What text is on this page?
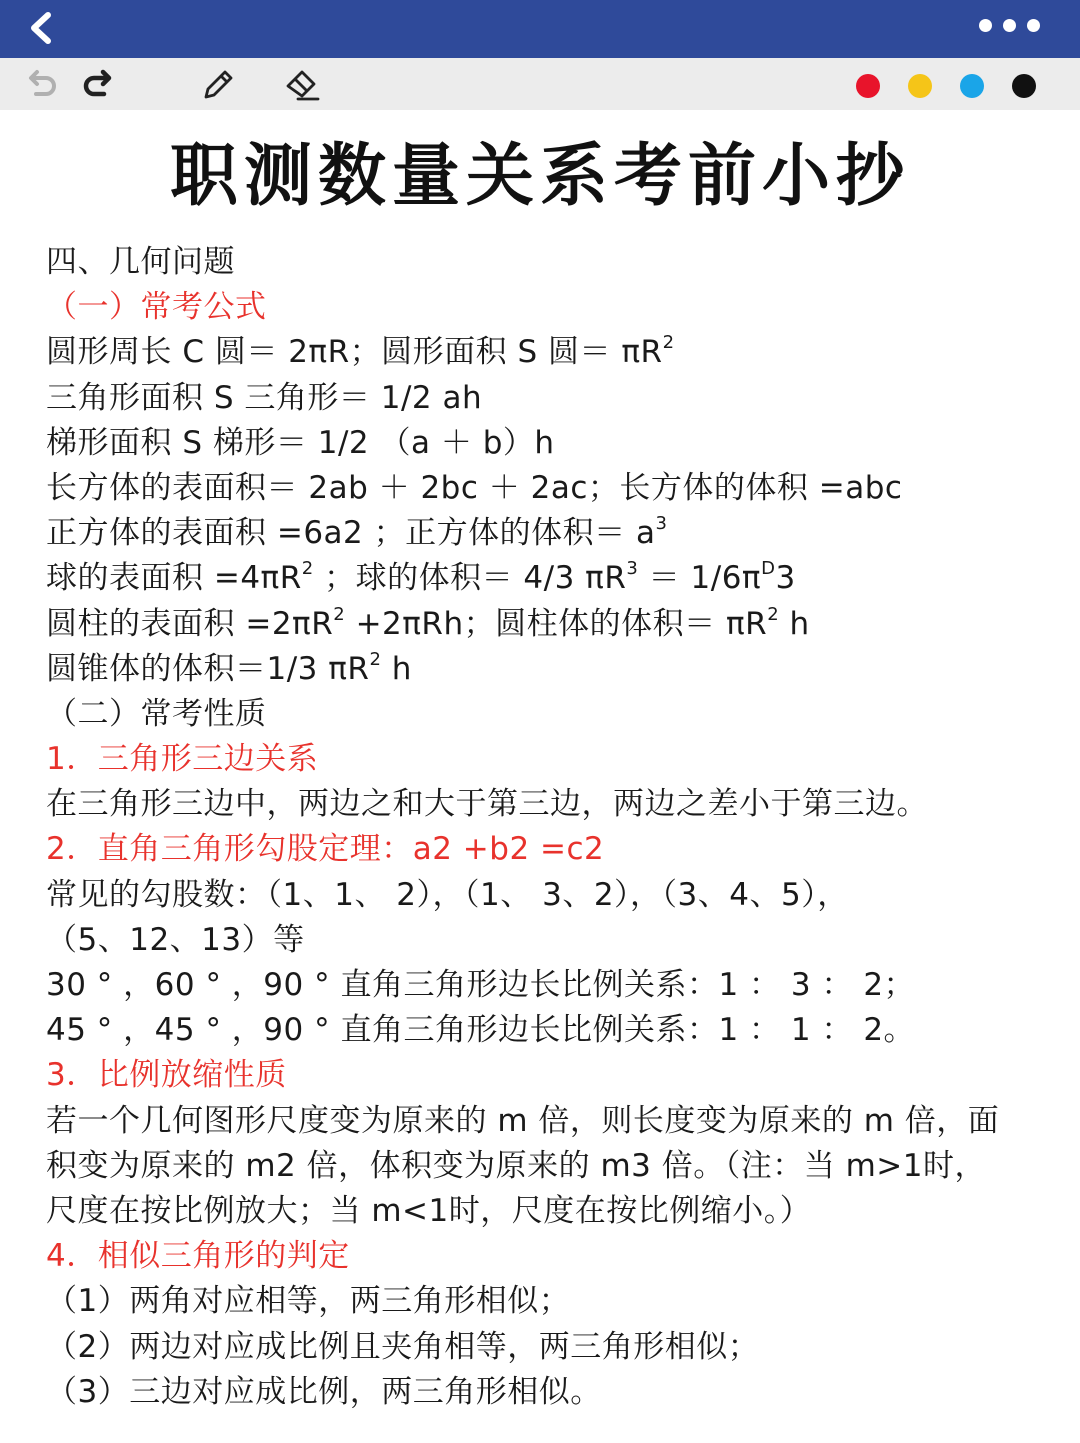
职测数量关系考前小抄
四、几何问题
（一）常考公式
圆形周长 C 圆＝ 2πR；圆形面积 S 圆＝ $\pi R^2$
三角形面积 S 三角形＝ 1/2 ah
梯形面积 S 梯形＝ 1/2 （a ＋ b）h
长方体的表面积＝ 2ab ＋ 2bc ＋ 2ac；长方体的体积 =abc
正方体的表面积 =6a2 ；正方体的体积＝ $a^3$
球的表面积 $=4\pi R^2$ ；球的体积＝ 4/3 $\pi R^3 = 1/6\pi^D3$
圆柱的表面积 $=2\pi R^2 +2\pi Rh$；圆柱体的体积＝ $\pi R^2$ h
圆锥体的体积＝1/3 $\pi R^2$ h
（二）常考性质
1．三角形三边关系
在三角形三边中，两边之和大于第三边，两边之差小于第三边。
2．直角三角形勾股定理：a2 +b2 =c2
常见的勾股数：（1、1、 2），（1、 3、2），（3、4、5），
（5、12、13）等
30 ° ，60 ° ，90 ° 直角三角形边长比例关系：1 ： 3 ： 2；
45 ° ，45 ° ，90 ° 直角三角形边长比例关系：1 ： 1 ： 2。
3．比例放缩性质
若一个几何图形尺度变为原来的 m 倍，则长度变为原来的 m 倍，面
积变为原来的 m2 倍，体积变为原来的 m3 倍。（注：当 m>1时，
尺度在按比例放大；当 m<1时，尺度在按比例缩小。）
4．相似三角形的判定
（1）两角对应相等，两三角形相似；
（2）两边对应成比例且夹角相等，两三角形相似；
（3）三边对应成比例，两三角形相似。
